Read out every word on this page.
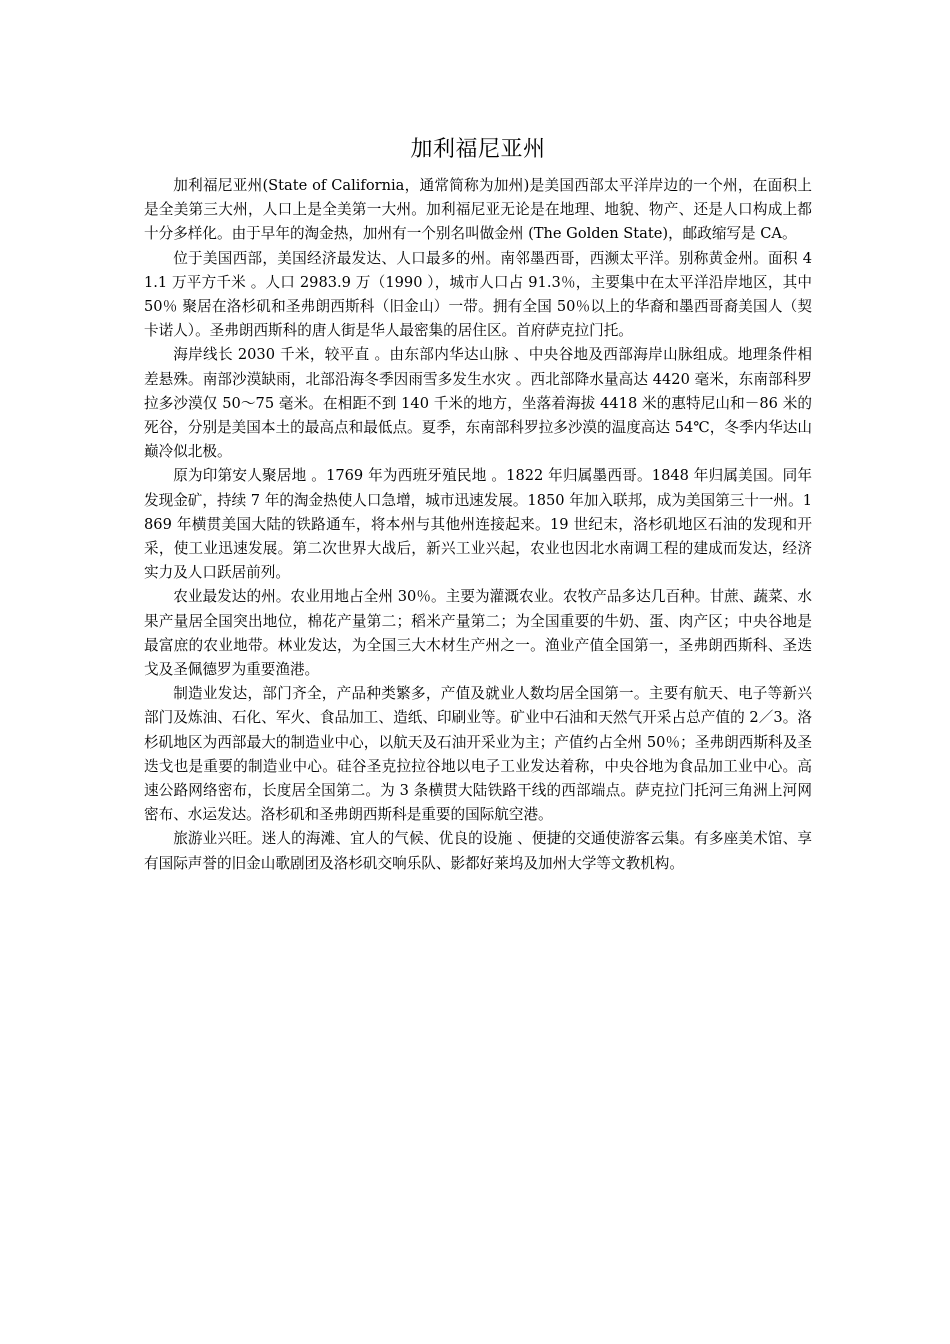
加利福尼亚州

加利福尼亚州(State of California，通常简称为加州)是美国西部太平洋岸边的一个州，在面积上是全美第三大州，人口上是全美第一大州。加利福尼亚无论是在地理、地貌、物产、还是人口构成上都十分多样化。由于早年的淘金热，加州有一个别名叫做金州 (The Golden State)，邮政缩写是 CA。

位于美国西部，美国经济最发达、人口最多的州。南邻墨西哥，西濒太平洋。别称黄金州。面积 41.1 万平方千米 。人口 2983.9 万（1990 ），城市人口占 91.3％，主要集中在太平洋沿岸地区，其中 50％ 聚居在洛杉矶和圣弗朗西斯科（旧金山）一带。拥有全国 50％以上的华裔和墨西哥裔美国人（契卡诺人）。圣弗朗西斯科的唐人街是华人最密集的居住区。首府萨克拉门托。

海岸线长 2030 千米，较平直 。由东部内华达山脉 、中央谷地及西部海岸山脉组成。地理条件相差悬殊。南部沙漠缺雨，北部沿海冬季因雨雪多发生水灾 。西北部降水量高达 4420 毫米，东南部科罗拉多沙漠仅 50～75 毫米。在相距不到 140 千米的地方，坐落着海拔 4418 米的惠特尼山和－86 米的死谷，分别是美国本土的最高点和最低点。夏季，东南部科罗拉多沙漠的温度高达 54℃，冬季内华达山巅冷似北极。

原为印第安人聚居地 。1769 年为西班牙殖民地 。1822 年归属墨西哥。1848 年归属美国。同年发现金矿，持续 7 年的淘金热使人口急增，城市迅速发展。1850 年加入联邦，成为美国第三十一州。1869 年横贯美国大陆的铁路通车，将本州与其他州连接起来。19 世纪末，洛杉矶地区石油的发现和开采，使工业迅速发展。第二次世界大战后，新兴工业兴起，农业也因北水南调工程的建成而发达，经济实力及人口跃居前列。

农业最发达的州。农业用地占全州 30％。主要为灌溉农业。农牧产品多达几百种。甘蔗、蔬菜、水果产量居全国突出地位，棉花产量第二；稻米产量第二；为全国重要的牛奶、蛋、肉产区；中央谷地是最富庶的农业地带。林业发达，为全国三大木材生产州之一。渔业产值全国第一，圣弗朗西斯科、圣迭戈及圣佩德罗为重要渔港。

制造业发达，部门齐全，产品种类繁多，产值及就业人数均居全国第一。主要有航天、电子等新兴部门及炼油、石化、军火、食品加工、造纸、印刷业等。矿业中石油和天然气开采占总产值的 2／3。洛杉矶地区为西部最大的制造业中心，以航天及石油开采业为主；产值约占全州 50％；圣弗朗西斯科及圣迭戈也是重要的制造业中心。硅谷圣克拉拉谷地以电子工业发达着称，中央谷地为食品加工业中心。高速公路网络密布，长度居全国第二。为 3 条横贯大陆铁路干线的西部端点。萨克拉门托河三角洲上河网密布、水运发达。洛杉矶和圣弗朗西斯科是重要的国际航空港。

旅游业兴旺。迷人的海滩、宜人的气候、优良的设施 、便捷的交通使游客云集。有多座美术馆、享有国际声誉的旧金山歌剧团及洛杉矶交响乐队、影都好莱坞及加州大学等文教机构。
